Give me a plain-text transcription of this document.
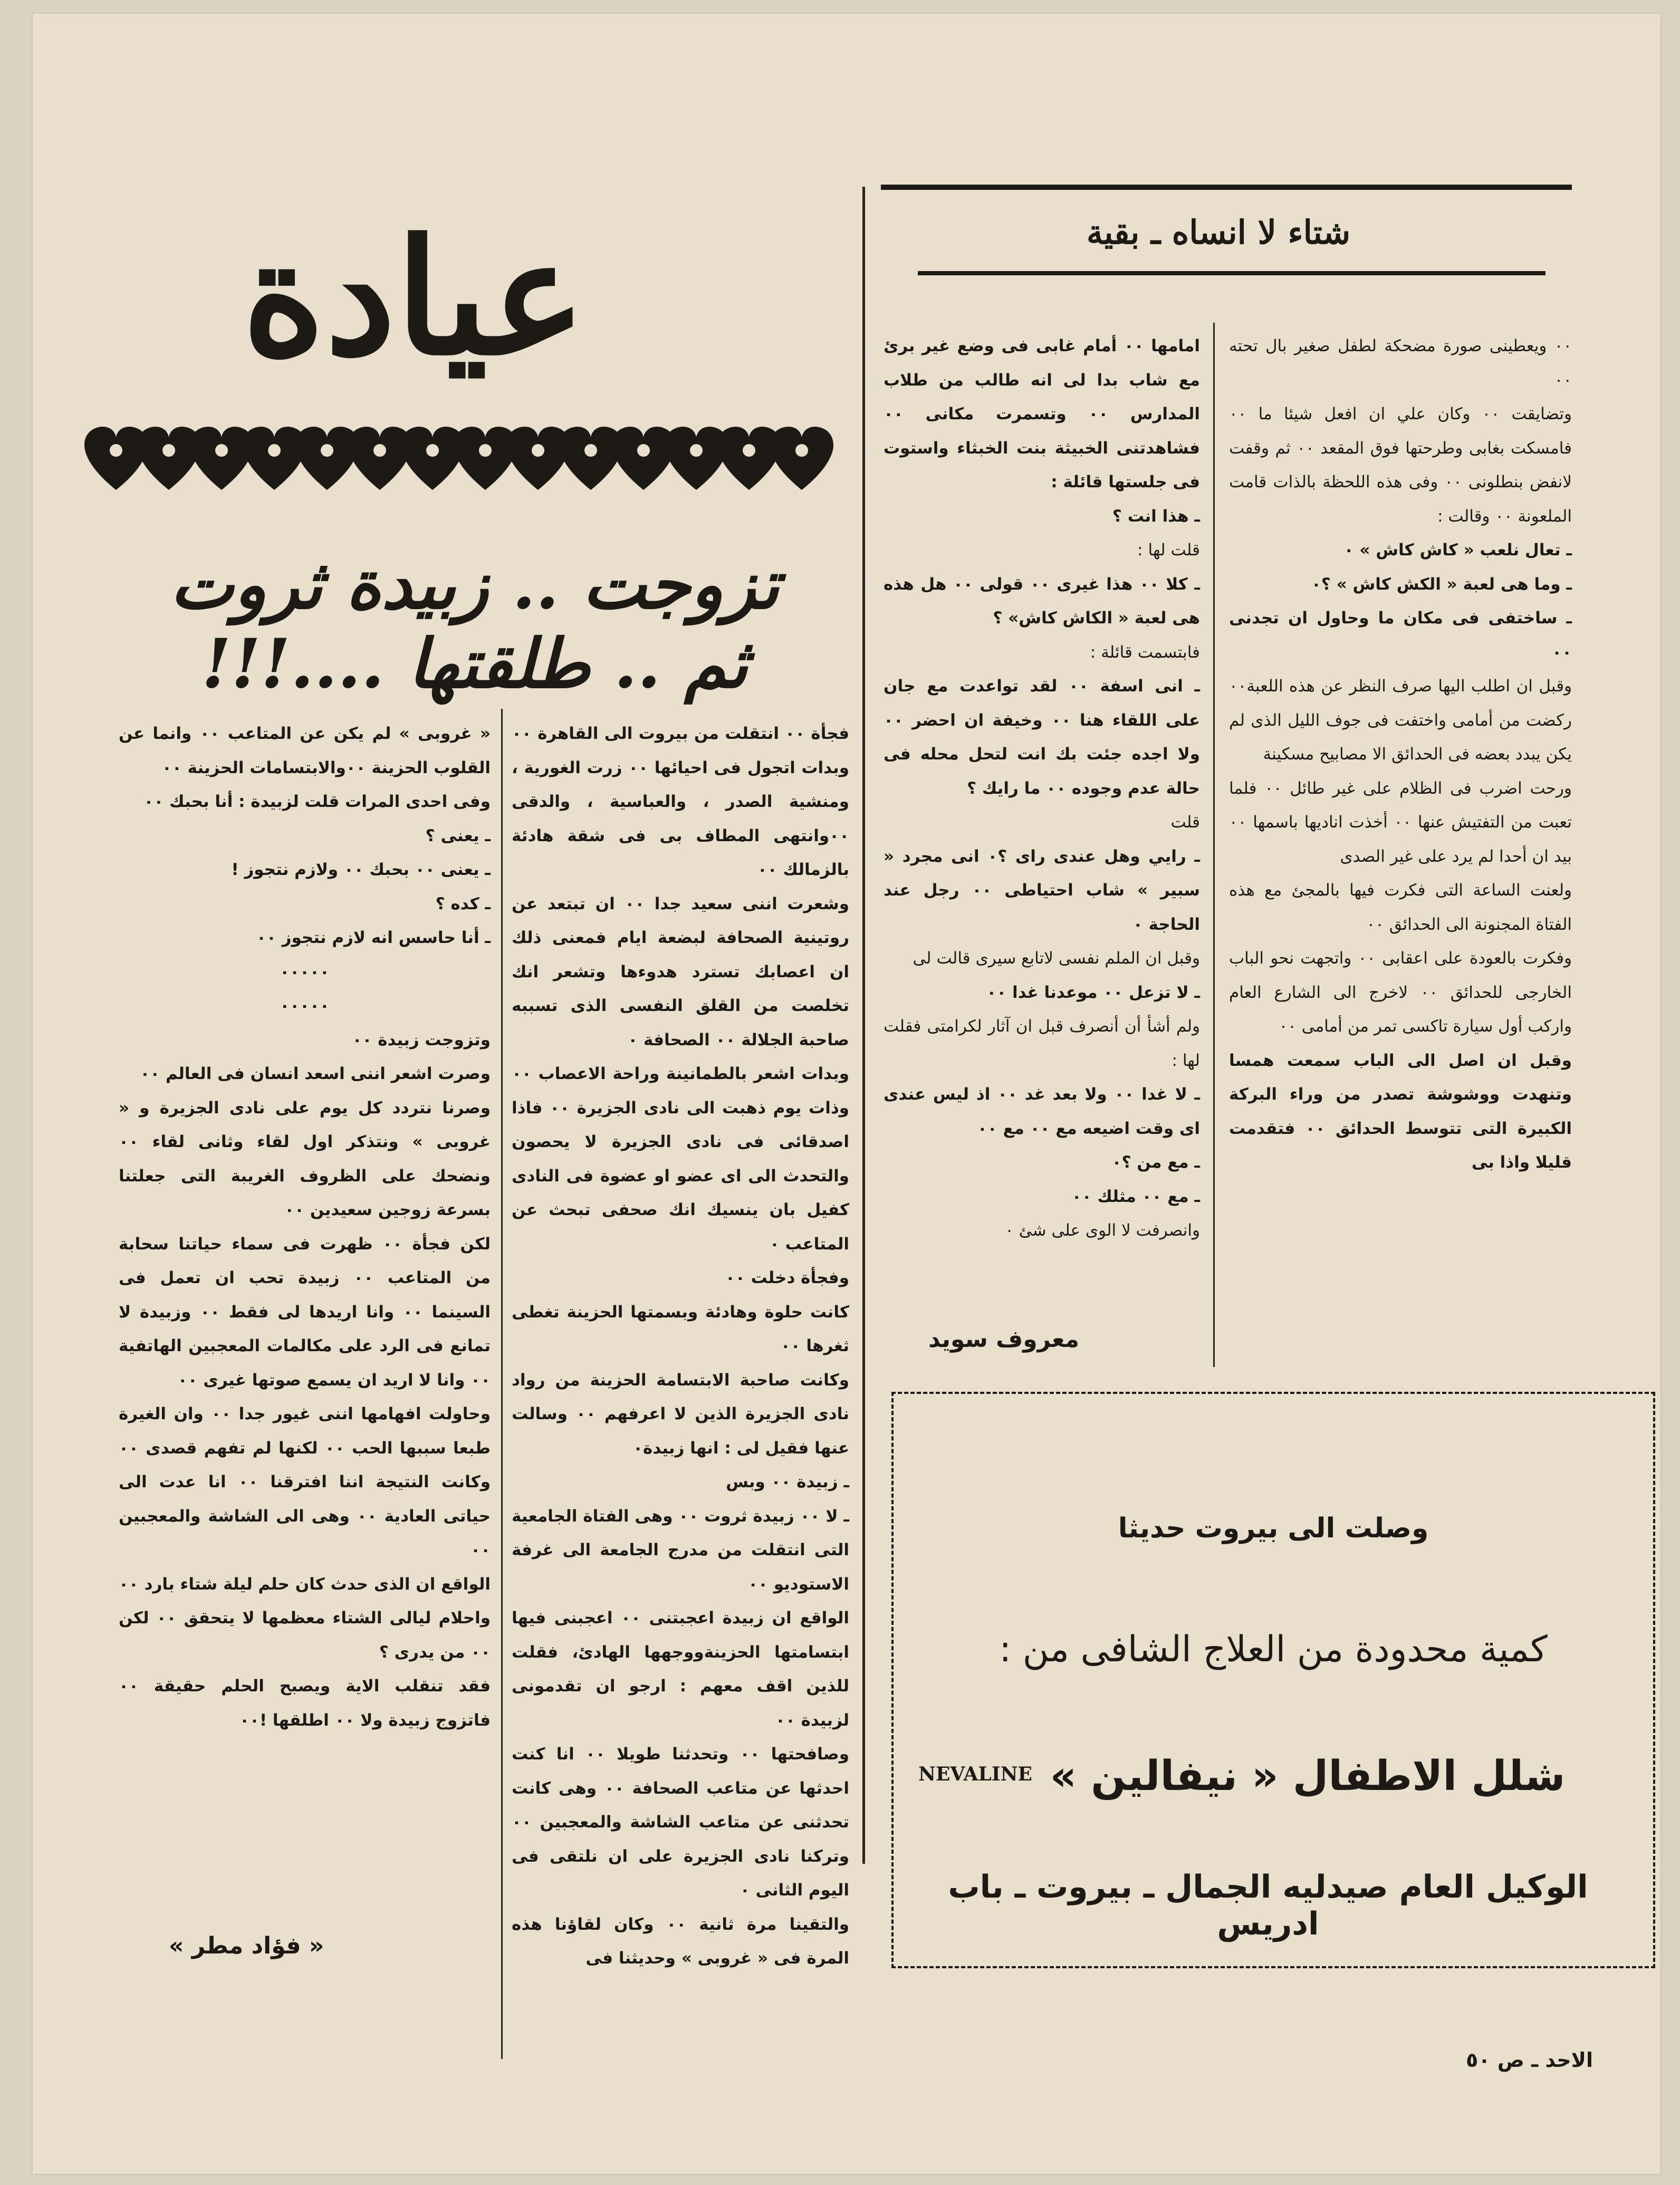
شتاء لا انساه ـ بقية
عيادة
تزوجت .. زبيدة ثروت
ثم .. طلقتها ....!!!

فجأة ٠٠ انتقلت من بيروت الى القاهرة ٠٠ وبدات اتجول فى احيائها ٠٠ زرت الغورية ، ومنشية الصدر ، والعباسية ، والدقى ٠٠وانتهى المطاف بى فى شقة هادئة بالزمالك ٠٠

وشعرت اننى سعيد جدا ٠٠ ان تبتعد عن روتينية الصحافة لبضعة ايام فمعنى ذلك ان اعصابك تسترد هدوءها وتشعر انك تخلصت من القلق النفسى الذى تسببه صاحبة الجلالة ٠٠ الصحافة ٠

وبدات اشعر بالطمانينة وراحة الاعصاب ٠٠ وذات يوم ذهبت الى نادى الجزيرة ٠٠ فاذا اصدقائى فى نادى الجزيرة لا يحصون والتحدث الى اى عضو او عضوة فى النادى كفيل بان ينسيك انك صحفى تبحث عن المتاعب ٠

وفجأة دخلت ٠٠

كانت حلوة وهادئة وبسمتها الحزينة تغطى ثغرها ٠٠

وكانت صاحبة الابتسامة الحزينة من رواد نادى الجزيرة الذين لا اعرفهم ٠٠ وسالت عنها فقيل لى : انها زبيدة٠

ـ زبيدة ٠٠ وبس

ـ لا ٠٠ زبيدة ثروت ٠٠ وهى الفتاة الجامعية التى انتقلت من مدرج الجامعة الى غرفة الاستوديو ٠٠

الواقع ان زبيدة اعجبتنى ٠٠ اعجبنى فيها ابتسامتها الحزينةووجهها الهادئ، فقلت للذين اقف معهم : ارجو ان تقدمونى لزبيدة ٠٠

وصافحتها ٠٠ وتحدثنا طويلا ٠٠ انا كنت احدثها عن متاعب الصحافة ٠٠ وهى كانت تحدثنى عن متاعب الشاشة والمعجبين ٠٠ وتركنا نادى الجزيرة على ان نلتقى فى اليوم الثانى ٠

والتقينا مرة ثانية ٠٠ وكان لقاؤنا هذه المرة فى « غروبى » وحديثنا فى

« غروبى » لم يكن عن المتاعب ٠٠ وانما عن القلوب الحزينة ٠٠والابتسامات الحزينة ٠٠

وفى احدى المرات قلت لزبيدة : أنا بحبك ٠٠

ـ يعنى ؟

ـ يعنى ٠٠ بحبك ٠٠ ولازم نتجوز !

ـ كده ؟

ـ أنا حاسس انه لازم نتجوز ٠٠

٠٠٠٠٠

٠٠٠٠٠

وتزوجت زبيدة ٠٠

وصرت اشعر اننى اسعد انسان فى العالم ٠٠

وصرنا نتردد كل يوم على نادى الجزيرة و « غروبى » ونتذكر اول لقاء وثانى لقاء ٠٠ ونضحك على الظروف الغريبة التى جعلتنا بسرعة زوجين سعيدين ٠٠

لكن فجأة ٠٠ ظهرت فى سماء حياتنا سحابة من المتاعب ٠٠ زبيدة تحب ان تعمل فى السينما ٠٠ وانا اريدها لى فقط ٠٠ وزبيدة لا تمانع فى الرد على مكالمات المعجبين الهاتفية ٠٠ وانا لا اريد ان يسمع صوتها غيرى ٠٠

وحاولت افهامها اننى غيور جدا ٠٠ وان الغيرة طبعا سببها الحب ٠٠ لكنها لم تفهم قصدى ٠٠ وكانت النتيجة اننا افترقنا ٠٠ انا عدت الى حياتى العادية ٠٠ وهى الى الشاشة والمعجبين ٠٠

الواقع ان الذى حدث كان حلم ليلة شتاء بارد ٠٠ واحلام ليالى الشتاء معظمها لا يتحقق ٠٠ لكن ٠٠ من يدرى ؟

فقد تنقلب الاية ويصبح الحلم حقيقة ٠٠ فاتزوج زبيدة ولا ٠٠ اطلقها !٠٠

« فؤاد مطر »

٠٠ ويعطينى صورة مضحكة لطفل صغير بال تحته ٠٠

وتضايقت ٠٠ وكان علي ان افعل شيئا ما ٠٠ فامسكت بغابى وطرحتها فوق المقعد ٠٠ ثم وقفت لانفض بنطلونى ٠٠ وفى هذه اللحظة بالذات قامت الملعونة ٠٠ وقالت :

ـ تعال نلعب « كاش كاش » ٠

ـ وما هى لعبة « الكش كاش » ؟٠

ـ ساختفى فى مكان ما وحاول ان تجدنى ٠٠

وقبل ان اطلب اليها صرف النظر عن هذه اللعبة٠٠ ركضت من أمامى واختفت فى جوف الليل الذى لم يكن يبدد بعضه فى الحدائق الا مصابيح مسكينة

ورحت اضرب فى الظلام على غير طائل ٠٠ فلما تعبت من التفتيش عنها ٠٠ أخذت اناديها باسمها ٠٠ بيد ان أحدا لم يرد على غير الصدى

ولعنت الساعة التى فكرت فيها بالمجئ مع هذه الفتاة المجنونة الى الحدائق ٠٠

وفكرت بالعودة على اعقابى ٠٠ واتجهت نحو الباب الخارجى للحدائق ٠٠ لاخرج الى الشارع العام واركب أول سيارة تاكسى تمر من أمامى ٠٠

وقبل ان اصل الى الباب سمعت همسا وتنهدت ووشوشة تصدر من وراء البركة الكبيرة التى تتوسط الحدائق ٠٠ فتقدمت قليلا واذا بى

امامها ٠٠ أمام غابى فى وضع غير برئ مع شاب بدا لى انه طالب من طلاب المدارس ٠٠ وتسمرت مكانى ٠٠ فشاهدتنى الخبيثة بنت الخبثاء واستوت فى جلستها قائلة :

ـ هذا انت ؟

قلت لها :

ـ كلا ٠٠ هذا غيرى ٠٠ قولى ٠٠ هل هذه هى لعبة « الكاش كاش» ؟

فابتسمت قائلة :

ـ انى اسفة ٠٠ لقد تواعدت مع جان على اللقاء هنا ٠٠ وخيفة ان احضر ٠٠ ولا اجده جئت بك انت لتحل محله فى حالة عدم وجوده ٠٠ ما رايك ؟

قلت

ـ رايي وهل عندى راى ؟٠ انى مجرد « سبير » شاب احتياطى ٠٠ رجل عند الحاجة ٠

وقبل ان الملم نفسى لاتابع سيرى قالت لى

ـ لا تزعل ٠٠ موعدنا غدا ٠٠

ولم أشأ أن أنصرف قبل ان آثار لكرامتى فقلت لها :

ـ لا غدا ٠٠ ولا بعد غد ٠٠ اذ ليس عندى اى وقت اضيعه مع ٠٠ مع ٠٠

ـ مع من ؟٠

ـ مع ٠٠ مثلك ٠٠

وانصرفت لا الوى على شئ ٠

معروف سويد
وصلت الى بيروت حديثا
كمية محدودة من العلاج الشافى من :
شلل الاطفال « نيفالين »
NEVALINE
الوكيل العام صيدليه الجمال ـ بيروت ـ باب ادريس
الاحد ـ ص ٥٠
